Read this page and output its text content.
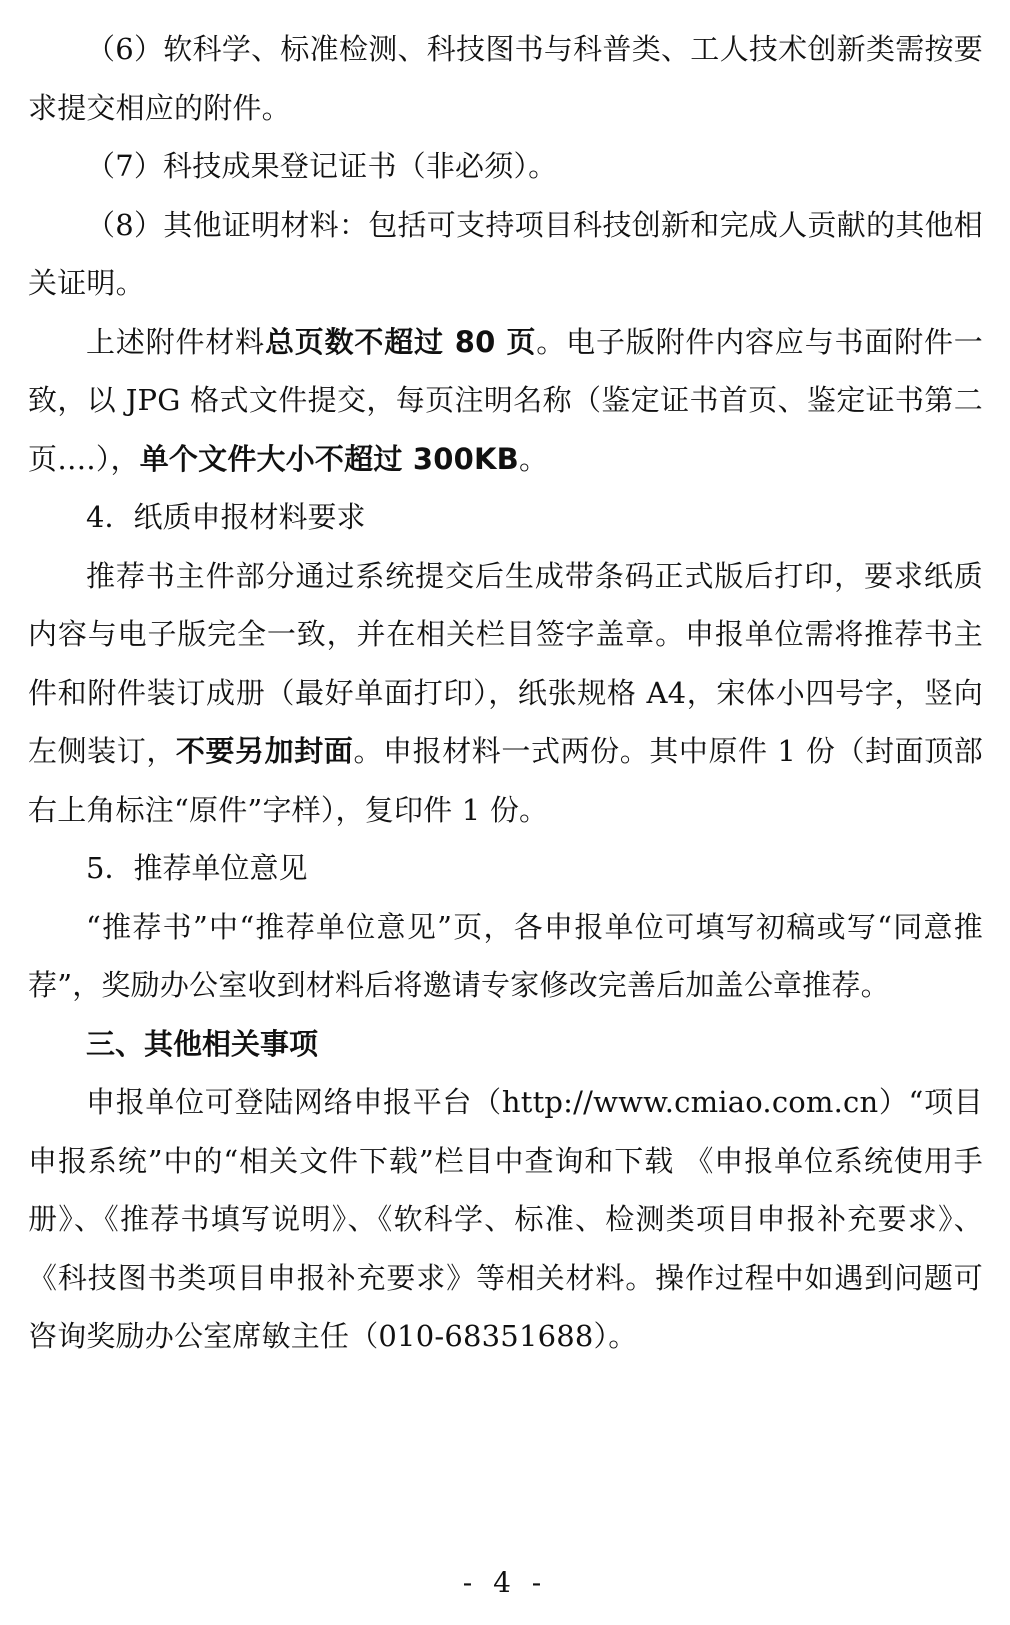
（6）软科学、标准检测、科技图书与科普类、工人技术创新类需按要求提交相应的附件。

（7）科技成果登记证书（非必须）。

（8）其他证明材料：包括可支持项目科技创新和完成人贡献的其他相关证明。

上述附件材料总页数不超过 80 页。电子版附件内容应与书面附件一致，以 JPG 格式文件提交，每页注明名称（鉴定证书首页、鉴定证书第二页….），单个文件大小不超过 300KB。

4．纸质申报材料要求

推荐书主件部分通过系统提交后生成带条码正式版后打印，要求纸质内容与电子版完全一致，并在相关栏目签字盖章。申报单位需将推荐书主件和附件装订成册（最好单面打印），纸张规格 A4，宋体小四号字，竖向左侧装订，不要另加封面。申报材料一式两份。其中原件 1 份（封面顶部右上角标注“原件”字样），复印件 1 份。

5．推荐单位意见

“推荐书”中“推荐单位意见”页，各申报单位可填写初稿或写“同意推荐”，奖励办公室收到材料后将邀请专家修改完善后加盖公章推荐。

三、其他相关事项

申报单位可登陆网络申报平台（http://www.cmiao.com.cn）“项目申报系统”中的“相关文件下载”栏目中查询和下载 《申报单位系统使用手册》、《推荐书填写说明》、《软科学、标准、检测类项目申报补充要求》、《科技图书类项目申报补充要求》等相关材料。操作过程中如遇到问题可咨询奖励办公室席敏主任（010-68351688）。

- 4 -
